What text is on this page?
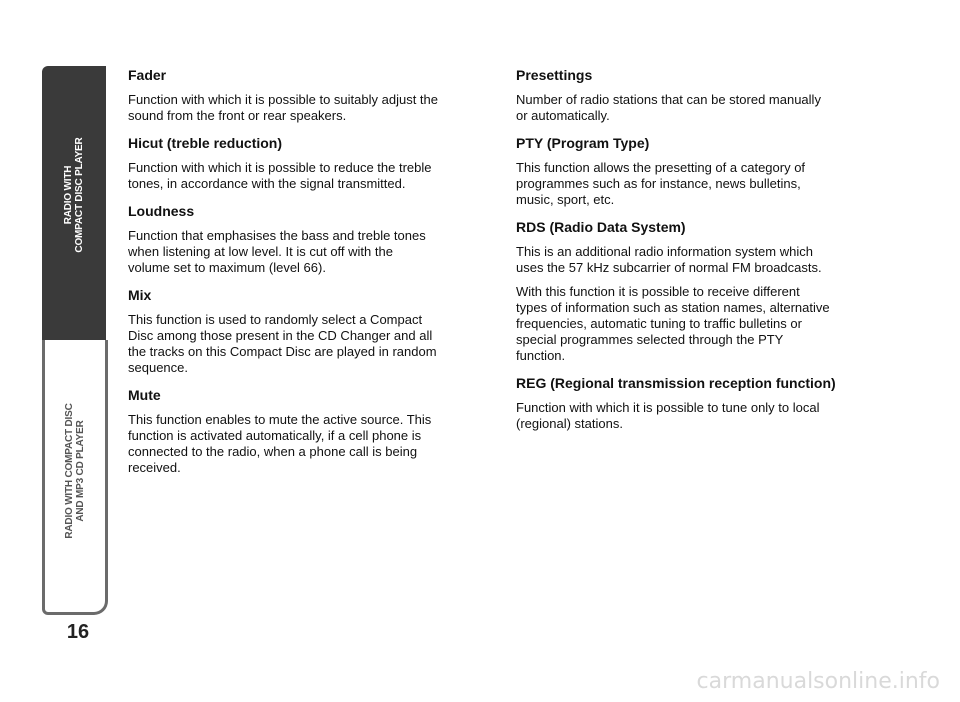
RADIO WITH
COMPACT DISC PLAYER
RADIO WITH COMPACT DISC
AND MP3 CD PLAYER
16
Fader
Function with which it is possible to suitably adjust the
sound from the front or rear speakers.
Hicut (treble reduction)
Function with which it is possible to reduce the treble
tones, in accordance with the signal transmitted.
Loudness
Function that emphasises the bass and treble tones
when listening at low level. It is cut off with the
volume set to maximum (level 66).
Mix
This function is used to randomly select a Compact
Disc among those present in the CD Changer and all
the tracks on this Compact Disc are played in random
sequence.
Mute
This function enables to mute the active source. This
function is activated automatically, if a cell phone is
connected to the radio, when a phone call is being
received.
Presettings
Number of radio stations that can be stored manually
or automatically.
PTY (Program Type)
This function allows the presetting of a category of
programmes such as for instance, news bulletins,
music, sport, etc.
RDS (Radio Data System)
This is an additional radio information system which
uses the 57 kHz subcarrier of normal FM broadcasts.
With this function it is possible to receive different
types of information such as station names, alternative
frequencies, automatic tuning to traffic bulletins or
special programmes selected through the PTY
function.
REG (Regional transmission reception function)
Function with which it is possible to tune only to local
(regional) stations.
carmanualsonline.info
